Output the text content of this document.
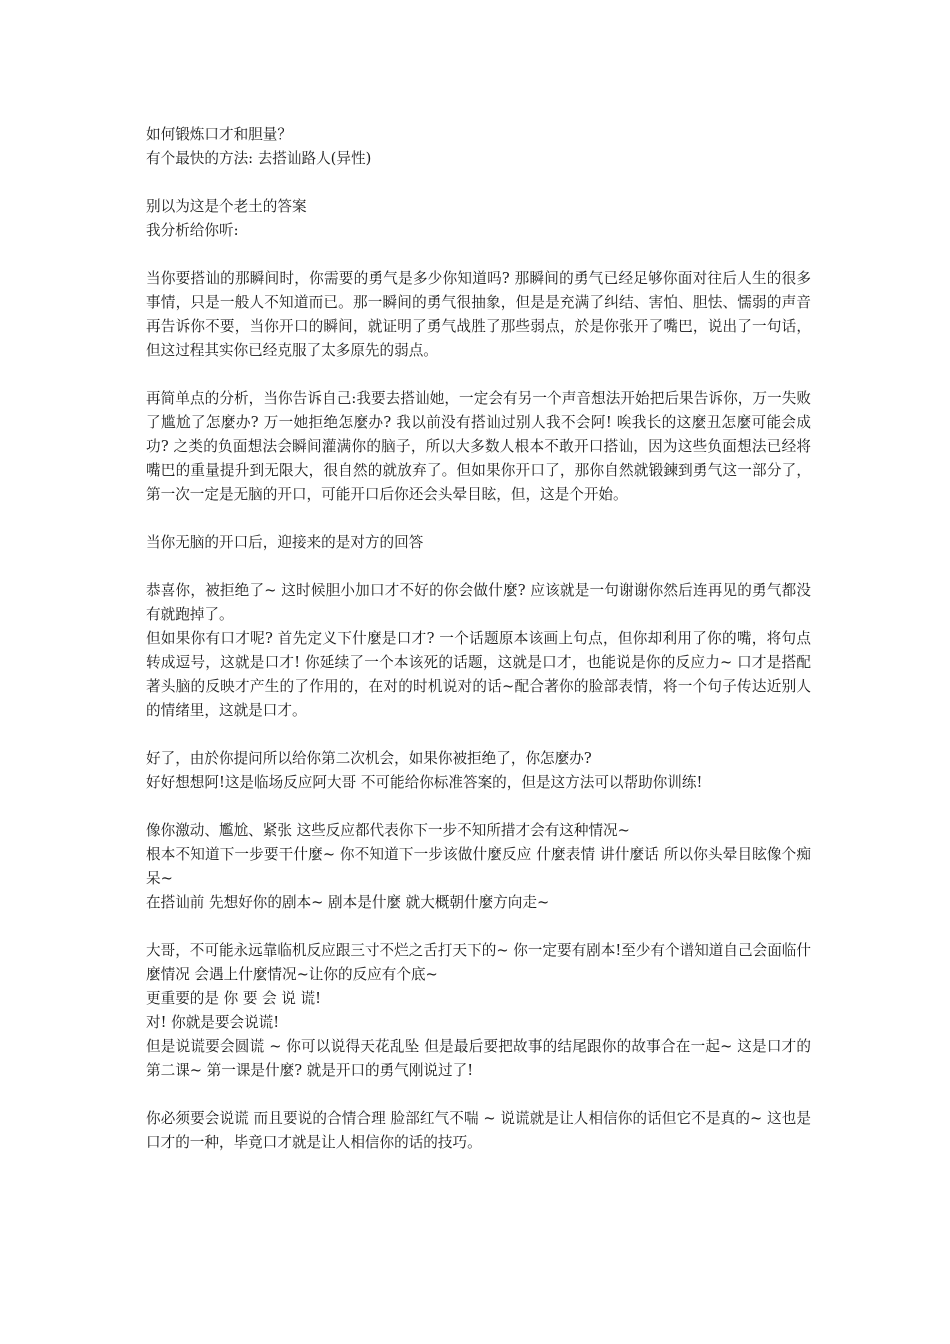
如何锻炼口才和胆量？

有个最快的方法: 去搭讪路人(异性)

别以为这是个老土的答案

我分析给你听:

当你要搭讪的那瞬间时，你需要的勇气是多少你知道吗? 那瞬间的勇气已经足够你面对往后人生的很多事情，只是一般人不知道而已。那一瞬间的勇气很抽象，但是是充满了纠结、害怕、胆怯、懦弱的声音再告诉你不要，当你开口的瞬间，就证明了勇气战胜了那些弱点，於是你张开了嘴巴，说出了一句话，但这过程其实你已经克服了太多原先的弱点。

再简单点的分析，当你告诉自己:我要去搭讪她，一定会有另一个声音想法开始把后果告诉你，万一失败了尴尬了怎麼办? 万一她拒绝怎麼办? 我以前没有搭讪过别人我不会阿! 唉我长的这麼丑怎麼可能会成功? 之类的负面想法会瞬间灌满你的脑子，所以大多数人根本不敢开口搭讪，因为这些负面想法已经将嘴巴的重量提升到无限大，很自然的就放弃了。但如果你开口了，那你自然就锻鍊到勇气这一部分了，第一次一定是无脑的开口，可能开口后你还会头晕目眩，但，这是个开始。

当你无脑的开口后，迎接来的是对方的回答

恭喜你，被拒绝了~ 这时候胆小加口才不好的你会做什麼? 应该就是一句谢谢你然后连再见的勇气都没有就跑掉了。

但如果你有口才呢? 首先定义下什麼是口才? 一个话题原本该画上句点，但你却利用了你的嘴，将句点转成逗号，这就是口才! 你延续了一个本该死的话题，这就是口才，也能说是你的反应力~ 口才是搭配著头脑的反映才产生的了作用的，在对的时机说对的话~配合著你的脸部表情，将一个句子传达近别人的情绪里，这就是口才。

好了，由於你提问所以给你第二次机会，如果你被拒绝了，你怎麼办?

好好想想阿!这是临场反应阿大哥 不可能给你标准答案的，但是这方法可以帮助你训练!

像你激动、尷尬、紧张 这些反应都代表你下一步不知所措才会有这种情况~

根本不知道下一步要干什麼~ 你不知道下一步该做什麼反应 什麼表情 讲什麼话 所以你头晕目眩像个痴呆~

在搭讪前 先想好你的剧本~ 剧本是什麼 就大概朝什麼方向走~

大哥，不可能永远靠临机反应跟三寸不烂之舌打天下的~ 你一定要有剧本!至少有个谱知道自己会面临什麼情况 会遇上什麼情况~让你的反应有个底~

更重要的是 你 要 会 说 谎!

对! 你就是要会说谎!

但是说谎要会圆谎 ~ 你可以说得天花乱坠 但是最后要把故事的结尾跟你的故事合在一起~ 这是口才的第二课~ 第一课是什麼? 就是开口的勇气刚说过了!

你必须要会说谎 而且要说的合情合理 脸部红气不喘 ~ 说谎就是让人相信你的话但它不是真的~ 这也是口才的一种，毕竟口才就是让人相信你的话的技巧。
